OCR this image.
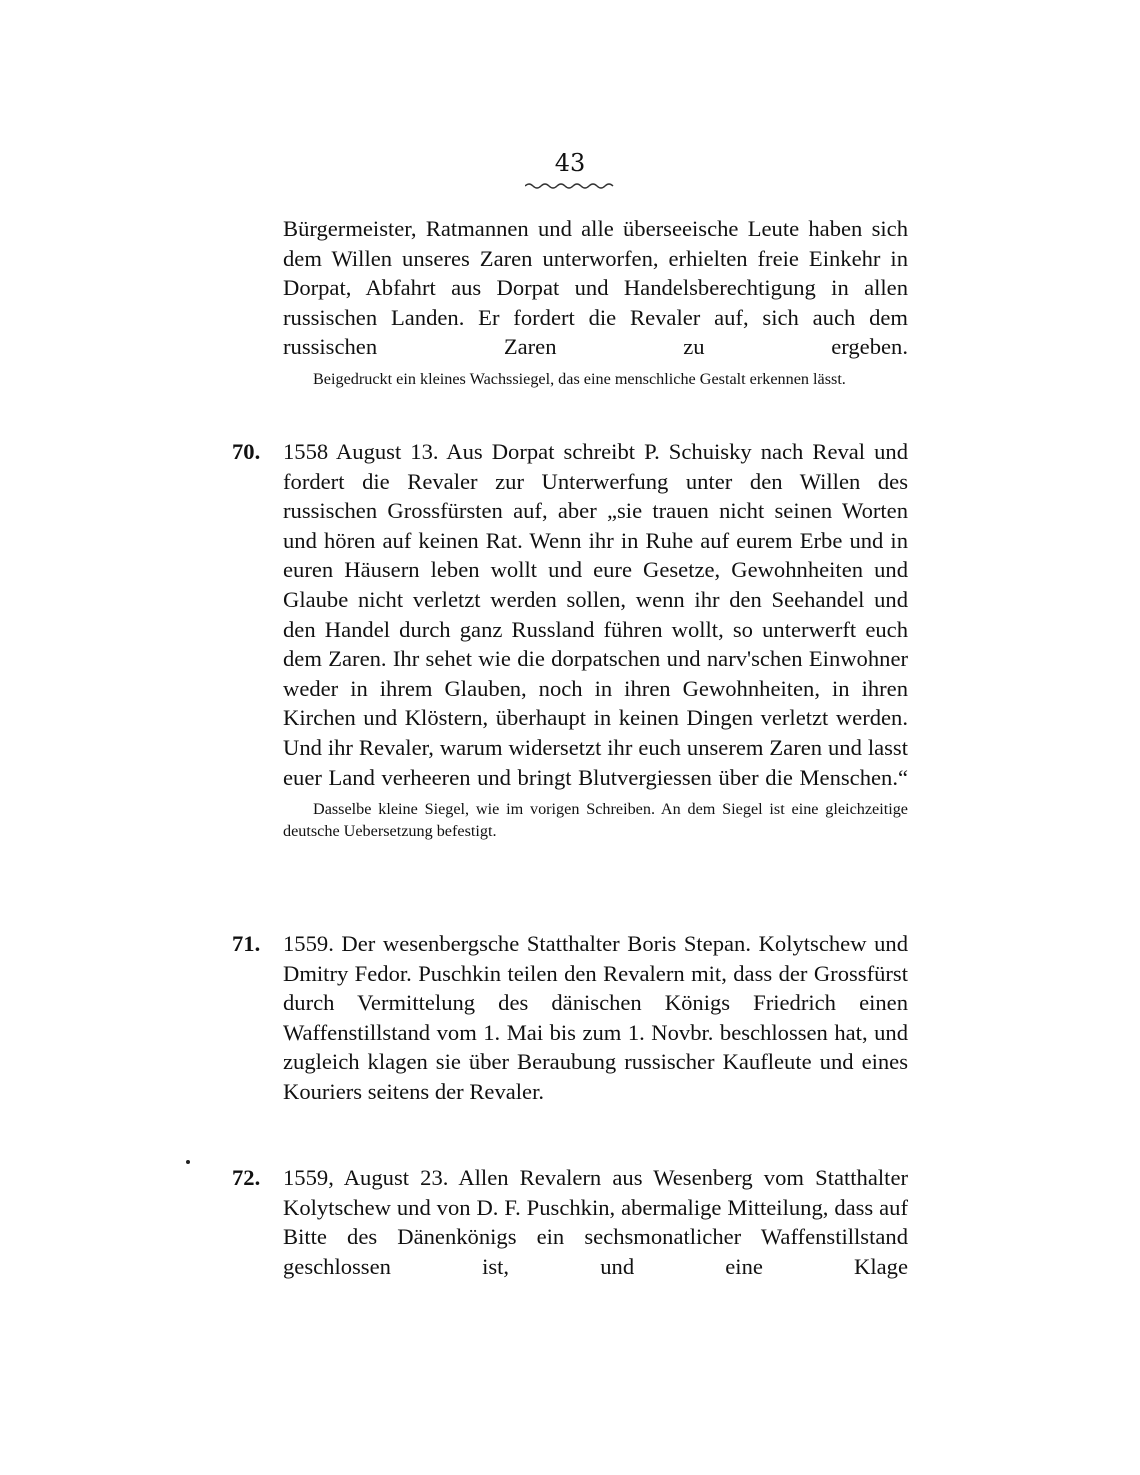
43

Bürgermeister, Ratmannen und alle überseeische Leute haben sich dem Willen unseres Zaren unterworfen, erhielten freie Einkehr in Dorpat, Abfahrt aus Dorpat und Handelsberechtigung in allen russischen Landen. Er fordert die Revaler auf, sich auch dem russischen Zaren zu ergeben.

Beigedruckt ein kleines Wachssiegel, das eine menschliche Gestalt erkennen lässt.

70. 1558 August 13. Aus Dorpat schreibt P. Schuisky nach Reval und fordert die Revaler zur Unterwerfung unter den Willen des russischen Grossfürsten auf, aber „sie trauen nicht seinen Worten und hören auf keinen Rat. Wenn ihr in Ruhe auf eurem Erbe und in euren Häusern leben wollt und eure Gesetze, Gewohnheiten und Glaube nicht verletzt werden sollen, wenn ihr den Seehandel und den Handel durch ganz Russland führen wollt, so unterwerft euch dem Zaren. Ihr sehet wie die dorpatschen und narv'schen Einwohner weder in ihrem Glauben, noch in ihren Gewohnheiten, in ihren Kirchen und Klöstern, überhaupt in keinen Dingen verletzt werden. Und ihr Revaler, warum widersetzt ihr euch unserem Zaren und lasst euer Land verheeren und bringt Blutvergiessen über die Menschen.“

Dasselbe kleine Siegel, wie im vorigen Schreiben. An dem Siegel ist eine gleichzeitige deutsche Uebersetzung befestigt.

71. 1559. Der wesenbergsche Statthalter Boris Stepan. Kolytschew und Dmitry Fedor. Puschkin teilen den Revalern mit, dass der Grossfürst durch Vermittelung des dänischen Königs Friedrich einen Waffenstillstand vom 1. Mai bis zum 1. Novbr. beschlossen hat, und zugleich klagen sie über Beraubung russischer Kaufleute und eines Kouriers seitens der Revaler.

72. 1559, August 23. Allen Revalern aus Wesenberg vom Statthalter Kolytschew und von D. F. Puschkin, abermalige Mitteilung, dass auf Bitte des Dänenkönigs ein sechsmonatlicher Waffenstillstand geschlossen ist, und eine Klage
